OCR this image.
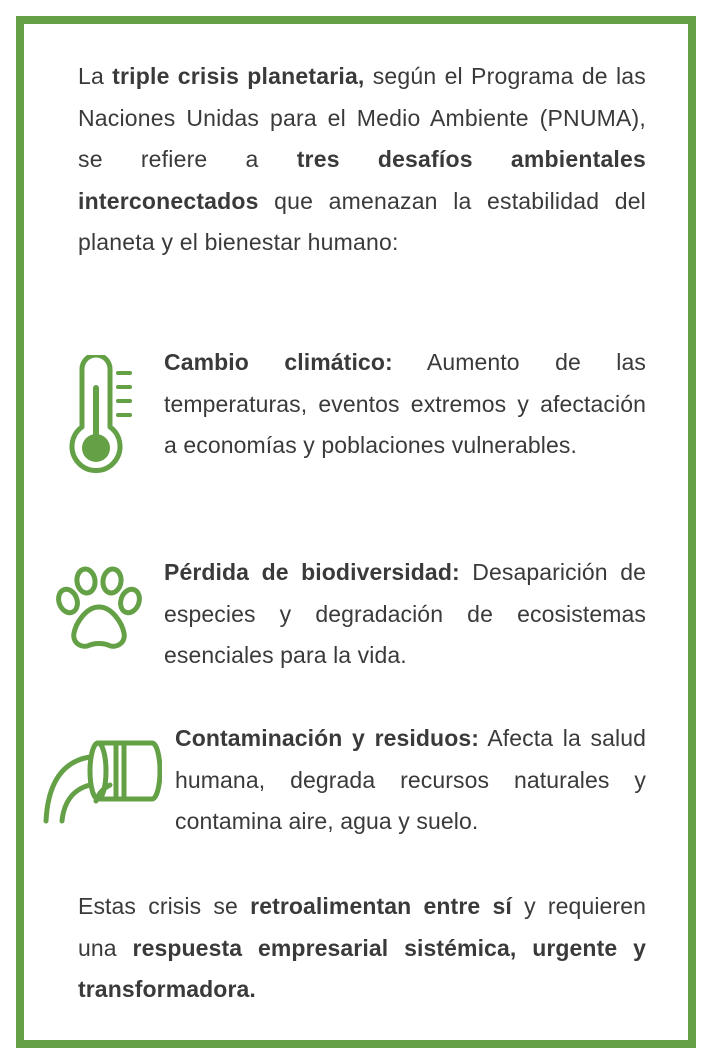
La triple crisis planetaria, según el Programa de las Naciones Unidas para el Medio Ambiente (PNUMA), se refiere a tres desafíos ambientales interconectados que amenazan la estabilidad del planeta y el bienestar humano:

Cambio climático: Aumento de las temperaturas, eventos extremos y afectación a economías y poblaciones vulnerables.

Pérdida de biodiversidad: Desaparición de especies y degradación de ecosistemas esenciales para la vida.

Contaminación y residuos: Afecta la salud humana, degrada recursos naturales y contamina aire, agua y suelo.

Estas crisis se retroalimentan entre sí y requieren una respuesta empresarial sistémica, urgente y transformadora.
